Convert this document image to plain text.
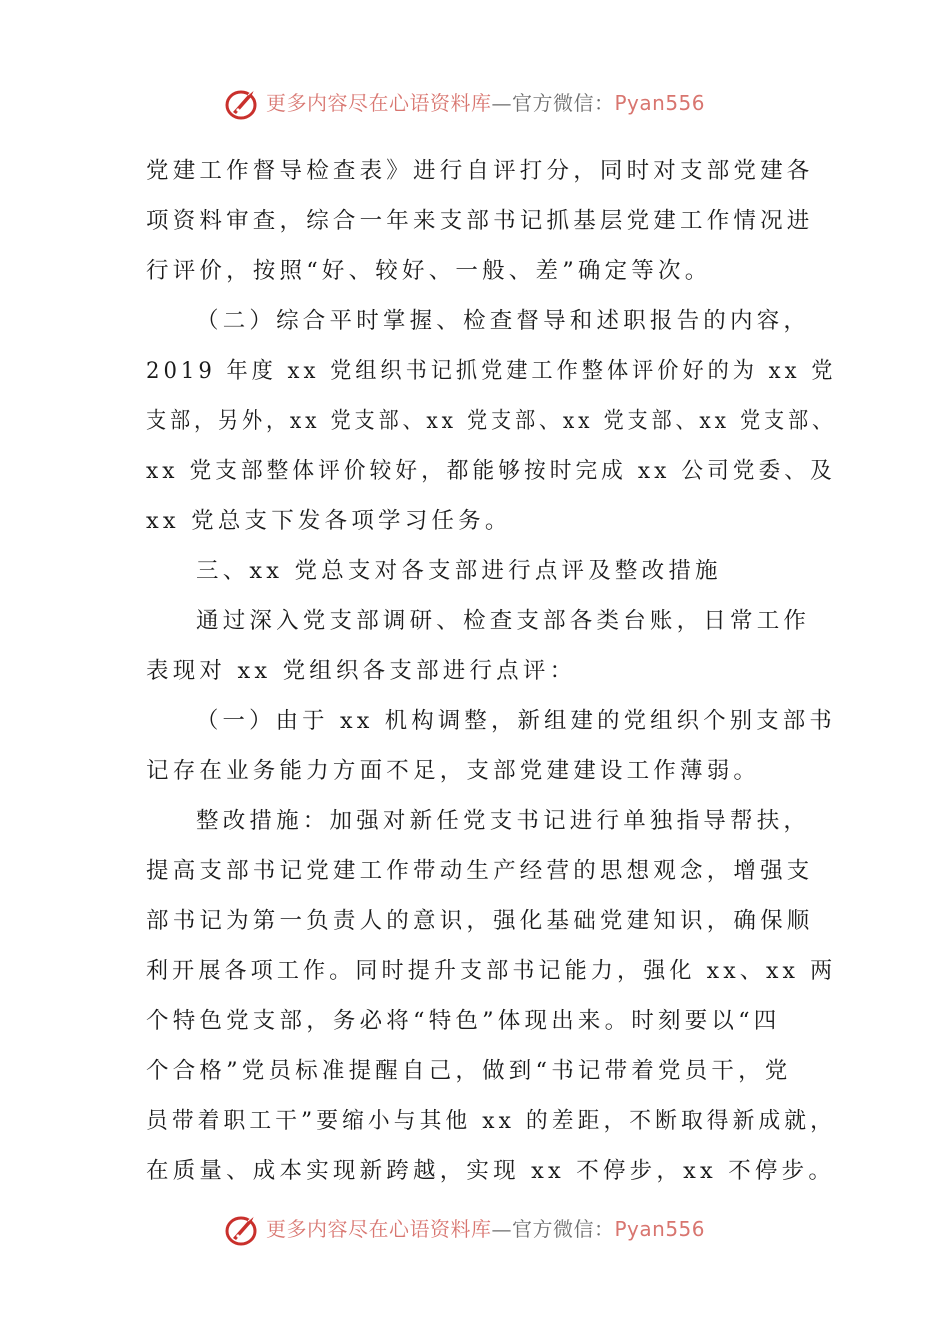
更多内容尽在心语资料库—官方微信：Pyan556
党建工作督导检查表》进行自评打分，同时对支部党建各
项资料审查，综合一年来支部书记抓基层党建工作情况进
行评价，按照“好、较好、一般、差”确定等次。
（二）综合平时掌握、检查督导和述职报告的内容，
2019 年度 xx 党组织书记抓党建工作整体评价好的为 xx 党
支部，另外，xx 党支部、xx 党支部、xx 党支部、xx 党支部、
xx 党支部整体评价较好，都能够按时完成 xx 公司党委、及
xx 党总支下发各项学习任务。
三、xx 党总支对各支部进行点评及整改措施
通过深入党支部调研、检查支部各类台账，日常工作
表现对 xx 党组织各支部进行点评：
（一）由于 xx 机构调整，新组建的党组织个别支部书
记存在业务能力方面不足，支部党建建设工作薄弱。
整改措施：加强对新任党支书记进行单独指导帮扶，
提高支部书记党建工作带动生产经营的思想观念，增强支
部书记为第一负责人的意识，强化基础党建知识，确保顺
利开展各项工作。同时提升支部书记能力，强化 xx、xx 两
个特色党支部，务必将“特色”体现出来。时刻要以“四
个合格”党员标准提醒自己，做到“书记带着党员干，党
员带着职工干”要缩小与其他 xx 的差距，不断取得新成就，
在质量、成本实现新跨越，实现 xx 不停步，xx 不停步。
更多内容尽在心语资料库—官方微信：Pyan556
